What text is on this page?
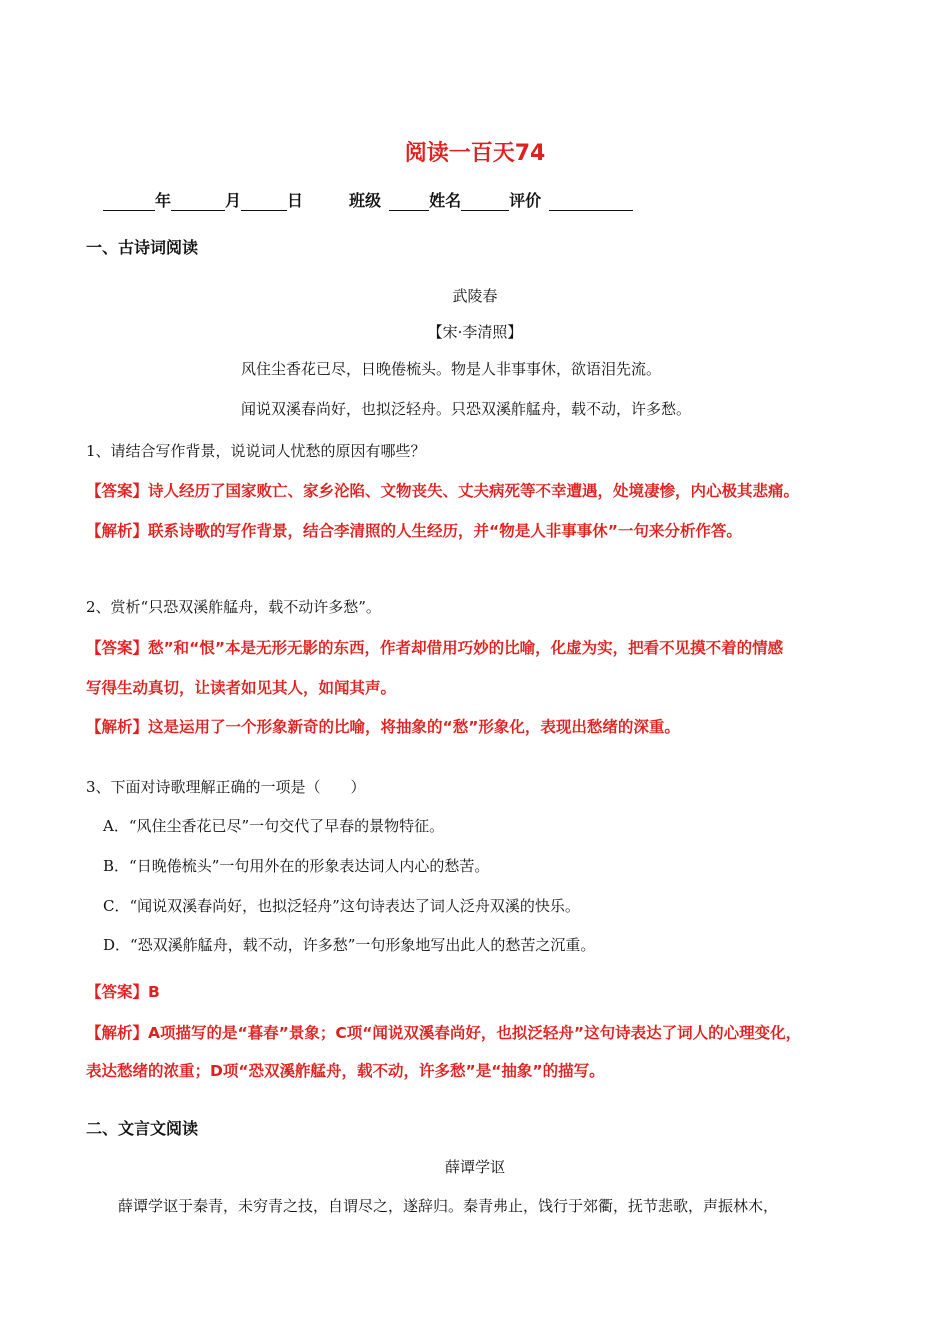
阅读一百天74
年	月	日	班级	姓名	评价
一、古诗词阅读
武陵春
【宋·李清照】
风住尘香花已尽，日晚倦梳头。物是人非事事休，欲语泪先流。
闻说双溪春尚好，也拟泛轻舟。只恐双溪舴艋舟，载不动，许多愁。
1、请结合写作背景，说说词人忧愁的原因有哪些？
【答案】诗人经历了国家败亡、家乡沦陷、文物丧失、丈夫病死等不幸遭遇，处境凄惨，内心极其悲痛。
【解析】联系诗歌的写作背景，结合李清照的人生经历，并“物是人非事事休”一句来分析作答。
2、赏析“只恐双溪舴艋舟，载不动许多愁”。
【答案】愁”和“恨”本是无形无影的东西，作者却借用巧妙的比喻，化虚为实，把看不见摸不着的情感
写得生动真切，让读者如见其人，如闻其声。
【解析】这是运用了一个形象新奇的比喻，将抽象的“愁”形象化，表现出愁绪的深重。
3、下面对诗歌理解正确的一项是（　　）
A．“风住尘香花已尽”一句交代了早春的景物特征。
B．“日晚倦梳头”一句用外在的形象表达词人内心的愁苦。
C．“闻说双溪春尚好，也拟泛轻舟”这句诗表达了词人泛舟双溪的快乐。
D．“恐双溪舴艋舟，载不动，许多愁”一句形象地写出此人的愁苦之沉重。
【答案】B
【解析】A项描写的是“暮春”景象；C项“闻说双溪春尚好，也拟泛轻舟”这句诗表达了词人的心理变化，
表达愁绪的浓重；D项“恐双溪舴艋舟，载不动，许多愁”是“抽象”的描写。
二、文言文阅读
薛谭学讴
薛谭学讴于秦青，未穷青之技，自谓尽之，遂辞归。秦青弗止，饯行于郊衢，抚节悲歌，声振林木，
